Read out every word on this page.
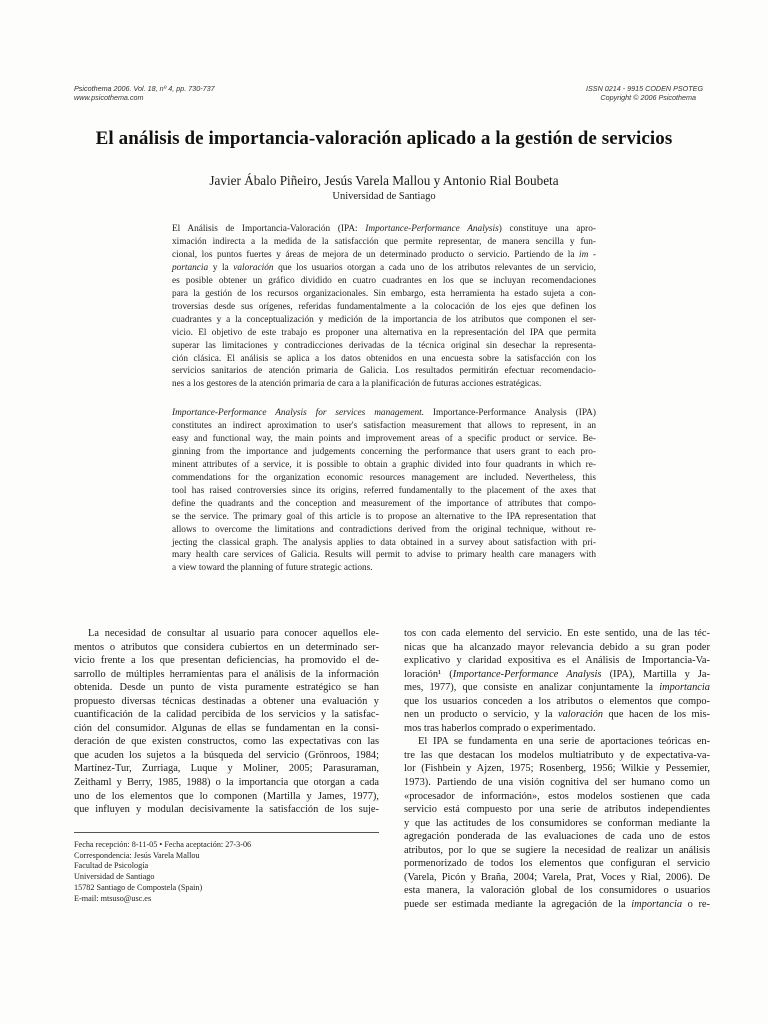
Psicothema 2006. Vol. 18, nº 4, pp. 730-737
www.psicothema.com
ISSN 0214 - 9915 CODEN PSOTEG
Copyright © 2006 Psicothema
El análisis de importancia-valoración aplicado a la gestión de servicios
Javier Ábalo Piñeiro, Jesús Varela Mallou y Antonio Rial Boubeta
Universidad de Santiago
El Análisis de Importancia-Valoración (IPA: Importance-Performance Analysis) constituye una apro-
ximación indirecta a la medida de la satisfacción que permite representar, de manera sencilla y fun-
cional, los puntos fuertes y áreas de mejora de un determinado producto o servicio. Partiendo de la im -
portancia y la valoración que los usuarios otorgan a cada uno de los atributos relevantes de un servicio,
es posible obtener un gráfico dividido en cuatro cuadrantes en los que se incluyan recomendaciones
para la gestión de los recursos organizacionales. Sin embargo, esta herramienta ha estado sujeta a con-
troversias desde sus orígenes, referidas fundamentalmente a la colocación de los ejes que definen los
cuadrantes y a la conceptualización y medición de la importancia de los atributos que componen el ser-
vicio. El objetivo de este trabajo es proponer una alternativa en la representación del IPA que permita
superar las limitaciones y contradicciones derivadas de la técnica original sin desechar la representa-
ción clásica. El análisis se aplica a los datos obtenidos en una encuesta sobre la satisfacción con los
servicios sanitarios de atención primaria de Galicia. Los resultados permitirán efectuar recomendacio-
nes a los gestores de la atención primaria de cara a la planificación de futuras acciones estratégicas.
Importance-Performance Analysis for services management. Importance-Performance Analysis (IPA)
constitutes an indirect aproximation to user's satisfaction measurement that allows to represent, in an
easy and functional way, the main points and improvement areas of a specific product or service. Be-
ginning from the importance and judgements concerning the performance that users grant to each pro-
minent attributes of a service, it is possible to obtain a graphic divided into four quadrants in which re-
commendations for the organization economic resources management are included. Nevertheless, this
tool has raised controversies since its origins, referred fundamentally to the placement of the axes that
define the quadrants and the conception and measurement of the importance of attributes that compo-
se the service. The primary goal of this article is to propose an alternative to the IPA representation that
allows to overcome the limitations and contradictions derived from the original technique, without re-
jecting the classical graph. The analysis applies to data obtained in a survey about satisfaction with pri-
mary health care services of Galicia. Results will permit to advise to primary health care managers with
a view toward the planning of future strategic actions.
La necesidad de consultar al usuario para conocer aquellos ele-
mentos o atributos que considera cubiertos en un determinado ser-
vicio frente a los que presentan deficiencias, ha promovido el de-
sarrollo de múltiples herramientas para el análisis de la información
obtenida. Desde un punto de vista puramente estratégico se han
propuesto diversas técnicas destinadas a obtener una evaluación y
cuantificación de la calidad percibida de los servicios y la satisfac-
ción del consumidor. Algunas de ellas se fundamentan en la consi-
deración de que existen constructos, como las expectativas con las
que acuden los sujetos a la búsqueda del servicio (Grönroos, 1984;
Martínez-Tur, Zurriaga, Luque y Moliner, 2005; Parasuraman,
Zeithaml y Berry, 1985, 1988) o la importancia que otorgan a cada
uno de los elementos que lo componen (Martilla y James, 1977),
que influyen y modulan decisivamente la satisfacción de los suje-
Fecha recepción: 8-11-05 • Fecha aceptación: 27-3-06
Correspondencia: Jesús Varela Mallou
Facultad de Psicología
Universidad de Santiago
15782 Santiago de Compostela (Spain)
E-mail: mtsuso@usc.es
tos con cada elemento del servicio. En este sentido, una de las téc-
nicas que ha alcanzado mayor relevancia debido a su gran poder
explicativo y claridad expositiva es el Análisis de Importancia-Va-
loración¹ (Importance-Performance Analysis (IPA), Martilla y Ja-
mes, 1977), que consiste en analizar conjuntamente la importancia
que los usuarios conceden a los atributos o elementos que compo-
nen un producto o servicio, y la valoración que hacen de los mis-
mos tras haberlos comprado o experimentado.
El IPA se fundamenta en una serie de aportaciones teóricas en-
tre las que destacan los modelos multiatributo y de expectativa-va-
lor (Fishbein y Ajzen, 1975; Rosenberg, 1956; Wilkie y Pessemier,
1973). Partiendo de una visión cognitiva del ser humano como un
«procesador de información», estos modelos sostienen que cada
servicio está compuesto por una serie de atributos independientes
y que las actitudes de los consumidores se conforman mediante la
agregación ponderada de las evaluaciones de cada uno de estos
atributos, por lo que se sugiere la necesidad de realizar un análisis
pormenorizado de todos los elementos que configuran el servicio
(Varela, Picón y Braña, 2004; Varela, Prat, Voces y Rial, 2006). De
esta manera, la valoración global de los consumidores o usuarios
puede ser estimada mediante la agregación de la importancia o re-
